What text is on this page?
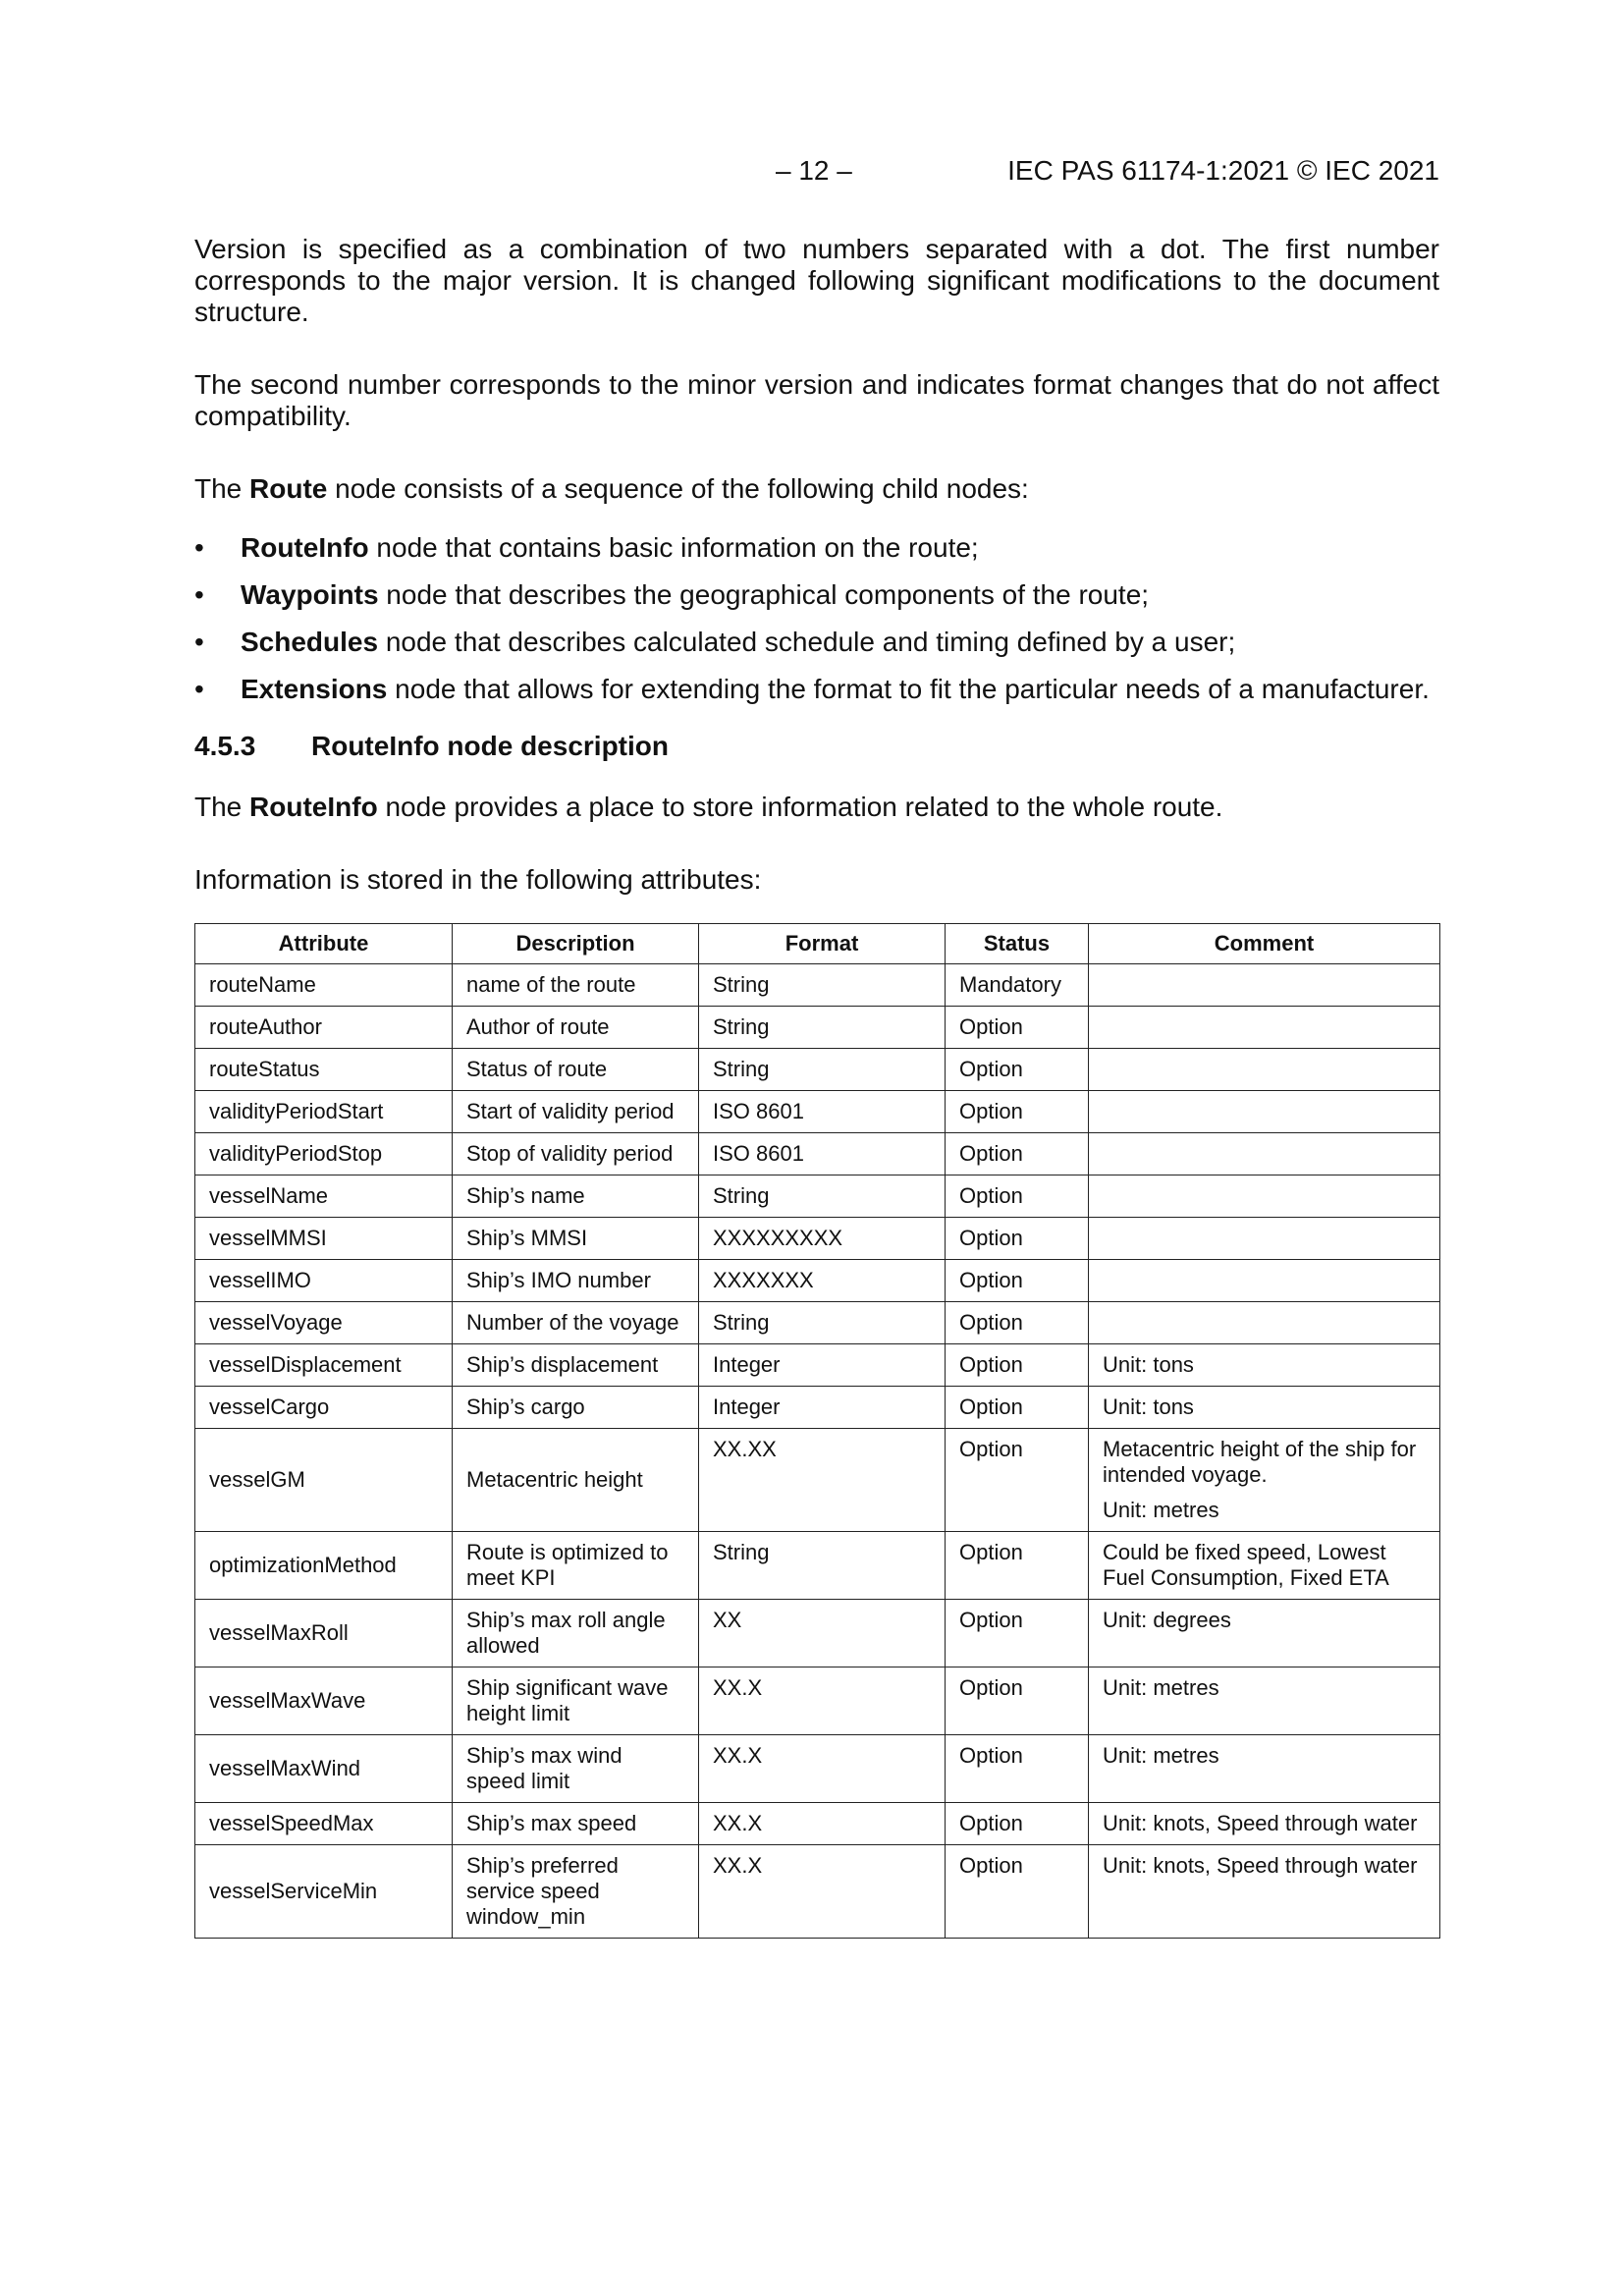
– 12 –	IEC PAS 61174-1:2021 © IEC 2021

Version is specified as a combination of two numbers separated with a dot. The first number corresponds to the major version. It is changed following significant modifications to the document structure.

The second number corresponds to the minor version and indicates format changes that do not affect compatibility.

The Route node consists of a sequence of the following child nodes:

• RouteInfo node that contains basic information on the route;
• Waypoints node that describes the geographical components of the route;
• Schedules node that describes calculated schedule and timing defined by a user;
• Extensions node that allows for extending the format to fit the particular needs of a manufacturer.

4.5.3 RouteInfo node description

The RouteInfo node provides a place to store information related to the whole route.

Information is stored in the following attributes:

Attribute	Description	Format	Status	Comment
routeName	name of the route	String	Mandatory	
routeAuthor	Author of route	String	Option	
routeStatus	Status of route	String	Option	
validityPeriodStart	Start of validity period	ISO 8601	Option	
validityPeriodStop	Stop of validity period	ISO 8601	Option	
vesselName	Ship’s name	String	Option	
vesselMMSI	Ship’s MMSI	XXXXXXXXX	Option	
vesselIMO	Ship’s IMO number	XXXXXXX	Option	
vesselVoyage	Number of the voyage	String	Option	
vesselDisplacement	Ship’s displacement	Integer	Option	Unit: tons
vesselCargo	Ship’s cargo	Integer	Option	Unit: tons
vesselGM	Metacentric height	XX.XX	Option	Metacentric height of the ship for intended voyage.
Unit: metres

optimizationMethod	Route is optimized to meet KPI	String	Option	Could be fixed speed, Lowest Fuel Consumption, Fixed ETA
vesselMaxRoll	Ship’s max roll angle allowed	XX	Option	Unit: degrees
vesselMaxWave	Ship significant wave height limit	XX.X	Option	Unit: metres
vesselMaxWind	Ship’s max wind speed limit	XX.X	Option	Unit: metres
vesselSpeedMax	Ship’s max speed	XX.X	Option	Unit: knots, Speed through water
vesselServiceMin	Ship’s preferred service speed window_min	XX.X	Option	Unit: knots, Speed through water
